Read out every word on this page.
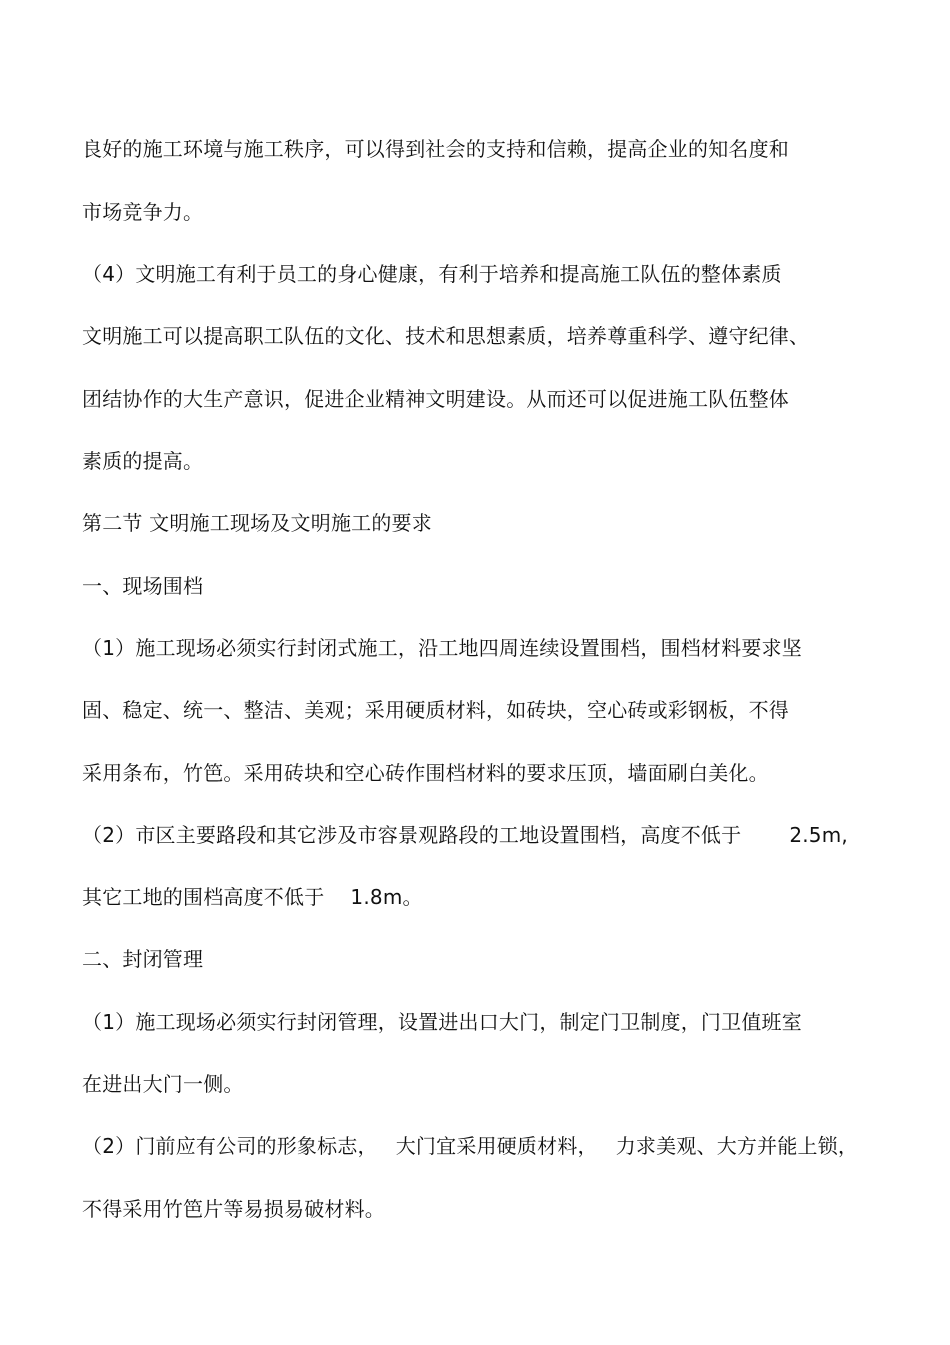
良好的施工环境与施工秩序，可以得到社会的支持和信赖，提高企业的知名度和
市场竞争力。
（4）文明施工有利于员工的身心健康，有利于培养和提高施工队伍的整体素质
文明施工可以提高职工队伍的文化、技术和思想素质，培养尊重科学、遵守纪律、
团结协作的大生产意识，促进企业精神文明建设。从而还可以促进施工队伍整体
素质的提高。
第二节 文明施工现场及文明施工的要求
一、现场围档
（1）施工现场必须实行封闭式施工，沿工地四周连续设置围档，围档材料要求坚
固、稳定、统一、整洁、美观；采用硬质材料，如砖块，空心砖或彩钢板，不得
采用条布，竹笆。采用砖块和空心砖作围档材料的要求压顶，墙面刷白美化。
（2）市区主要路段和其它涉及市容景观路段的工地设置围档，高度不低于 2.5m,
其它工地的围档高度不低于 1.8m。
二、封闭管理
（1）施工现场必须实行封闭管理，设置进出口大门，制定门卫制度，门卫值班室
在进出大门一侧。
（2）门前应有公司的形象标志， 大门宜采用硬质材料， 力求美观、大方并能上锁，
不得采用竹笆片等易损易破材料。
